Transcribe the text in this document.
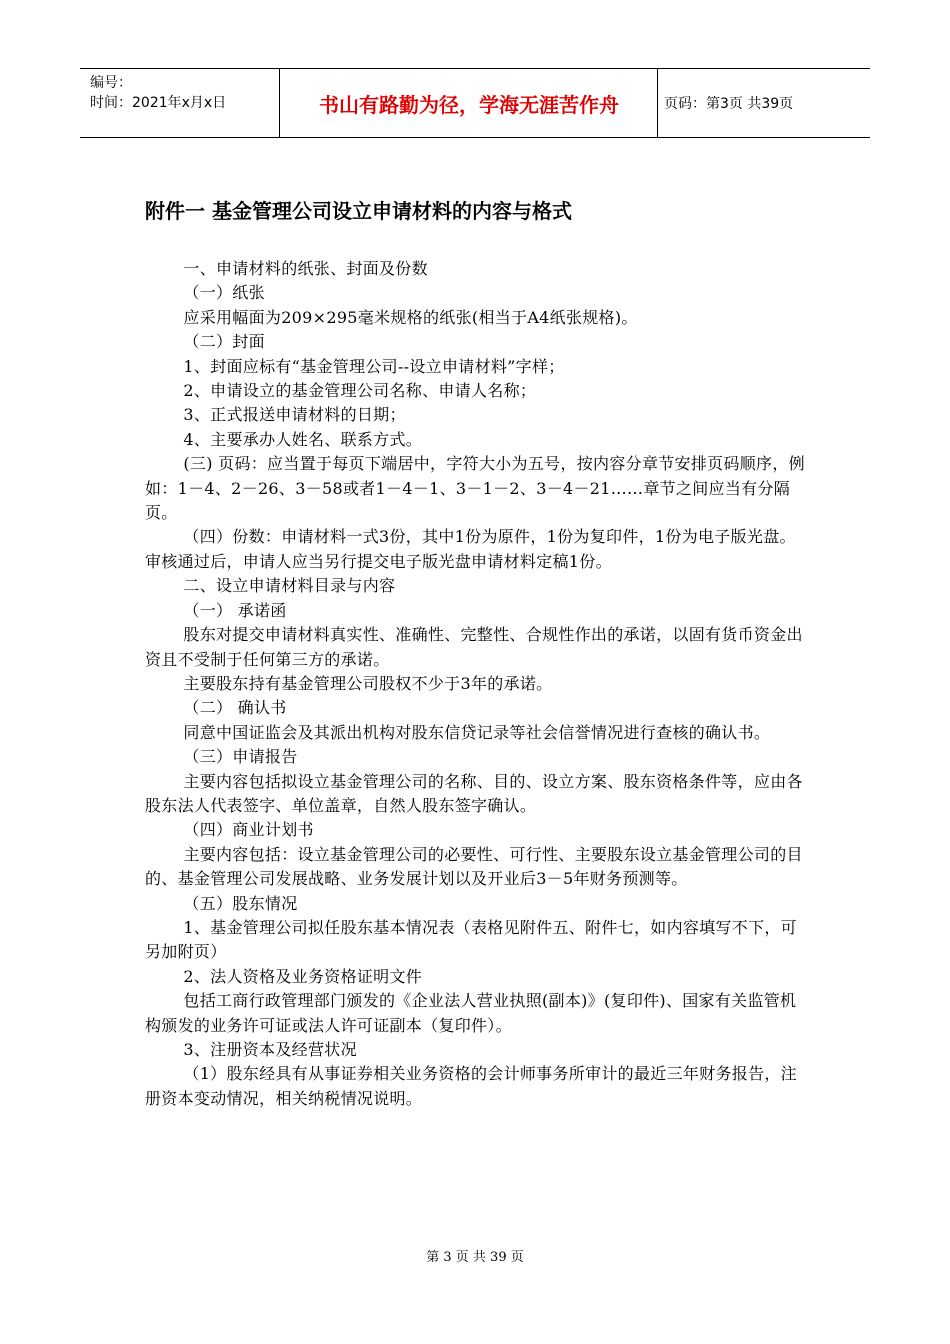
编号：
时间：2021年x月x日	书山有路勤为径，学海无涯苦作舟	页码：第3页 共39页
附件一 基金管理公司设立申请材料的内容与格式

一、申请材料的纸张、封面及份数

（一）纸张

应采用幅面为209×295毫米规格的纸张(相当于A4纸张规格)。

（二）封面

1、封面应标有“基金管理公司--设立申请材料”字样；

2、申请设立的基金管理公司名称、申请人名称；

3、正式报送申请材料的日期；

4、主要承办人姓名、联系方式。

(三) 页码：应当置于每页下端居中，字符大小为五号，按内容分章节安排页码顺序，例如：1－4、2－26、3－58或者1－4－1、3－1－2、3－4－21……章节之间应当有分隔页。

（四）份数：申请材料一式3份，其中1份为原件，1份为复印件，1份为电子版光盘。审核通过后，申请人应当另行提交电子版光盘申请材料定稿1份。

二、设立申请材料目录与内容

（一） 承诺函

股东对提交申请材料真实性、准确性、完整性、合规性作出的承诺，以固有货币资金出资且不受制于任何第三方的承诺。

主要股东持有基金管理公司股权不少于3年的承诺。

（二） 确认书

同意中国证监会及其派出机构对股东信贷记录等社会信誉情况进行查核的确认书。

（三）申请报告

主要内容包括拟设立基金管理公司的名称、目的、设立方案、股东资格条件等，应由各股东法人代表签字、单位盖章，自然人股东签字确认。

（四）商业计划书

主要内容包括：设立基金管理公司的必要性、可行性、主要股东设立基金管理公司的目的、基金管理公司发展战略、业务发展计划以及开业后3－5年财务预测等。

（五）股东情况

1、基金管理公司拟任股东基本情况表（表格见附件五、附件七，如内容填写不下，可另加附页）

2、法人资格及业务资格证明文件

包括工商行政管理部门颁发的《企业法人营业执照(副本)》(复印件)、国家有关监管机构颁发的业务许可证或法人许可证副本（复印件）。

3、注册资本及经营状况

（1）股东经具有从事证券相关业务资格的会计师事务所审计的最近三年财务报告，注册资本变动情况，相关纳税情况说明。

第 3 页 共 39 页
